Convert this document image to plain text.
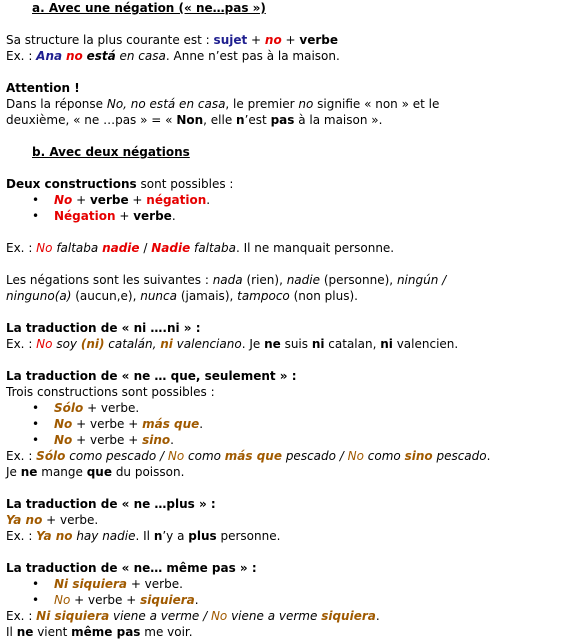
a. Avec une négation (« ne…pas »)
Sa structure la plus courante est : sujet + no + verbe
Ex. : Ana no está en casa. Anne n’est pas à la maison.
Attention !
Dans la réponse No, no está en casa, le premier no signifie « non » et le
deuxième, « ne …pas » = « Non, elle n’est pas à la maison ».
b. Avec deux négations
Deux constructions sont possibles :
• No + verbe + négation.
• Négation + verbe.
Ex. : No faltaba nadie / Nadie faltaba. Il ne manquait personne.
Les négations sont les suivantes : nada (rien), nadie (personne), ningún /
ninguno(a) (aucun,e), nunca (jamais), tampoco (non plus).
La traduction de « ni ….ni » :
Ex. : No soy (ni) catalán, ni valenciano. Je ne suis ni catalan, ni valencien.
La traduction de « ne … que, seulement » :
Trois constructions sont possibles :
• Sólo + verbe.
• No + verbe + más que.
• No + verbe + sino.
Ex. : Sólo como pescado / No como más que pescado / No como sino pescado.
Je ne mange que du poisson.
La traduction de « ne …plus » :
Ya no + verbe.
Ex. : Ya no hay nadie. Il n’y a plus personne.
La traduction de « ne… même pas » :
• Ni siquiera + verbe.
• No + verbe + siquiera.
Ex. : Ni siquiera viene a verme / No viene a verme siquiera.
Il ne vient même pas me voir.
